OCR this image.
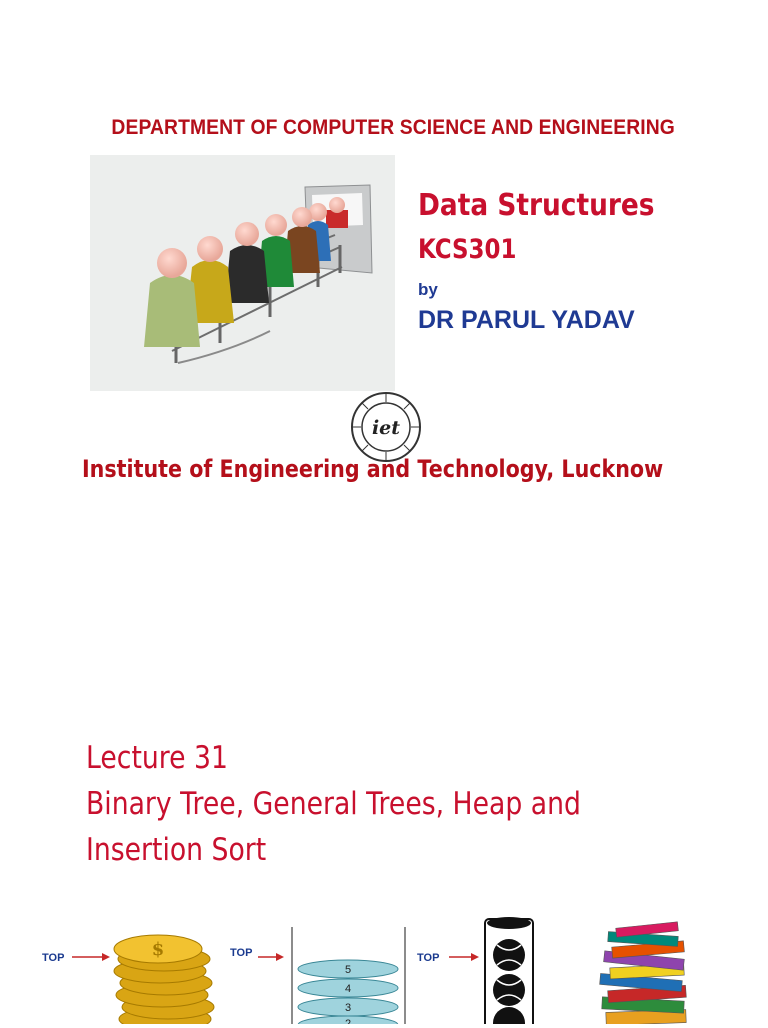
DEPARTMENT OF COMPUTER SCIENCE AND ENGINEERING
Data Structures
KCS301
by
DR PARUL YADAV
iet
Institute of Engineering and Technology, Lucknow
Lecture 31
Binary Tree, General Trees, Heap and
Insertion Sort
TOP	$	TOP
5
4
3
2
TOP
